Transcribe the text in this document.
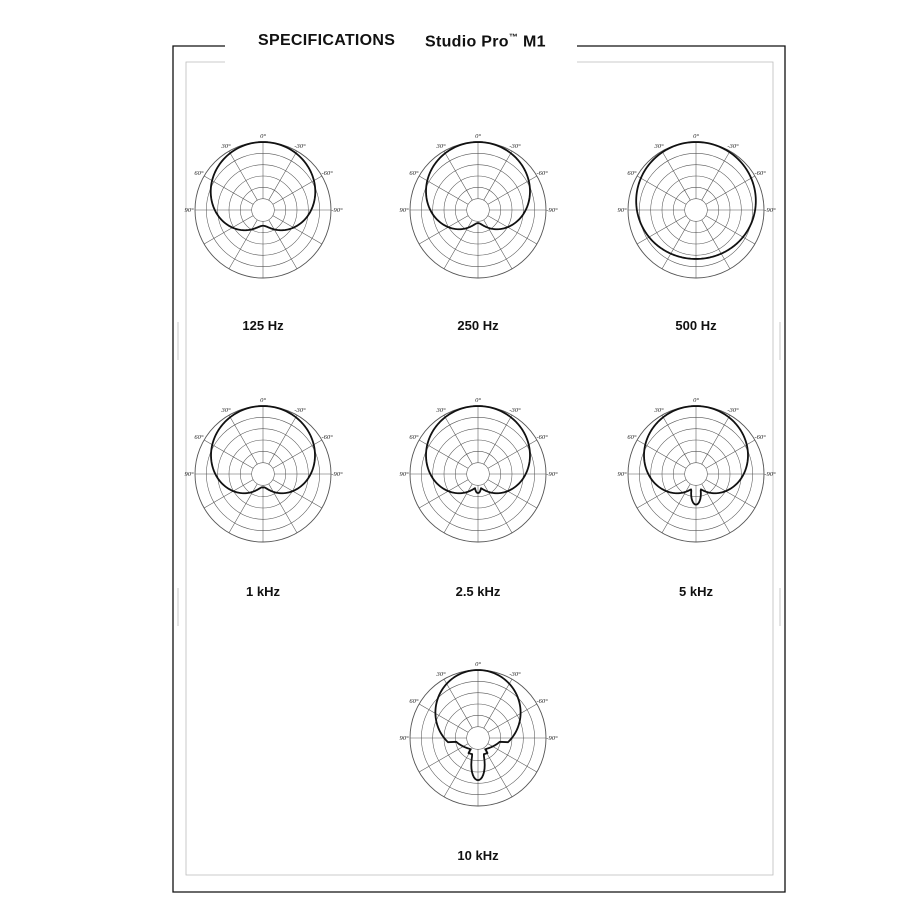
SPECIFICATIONS Studio Pro™ M1
0°
30°	-30°
60°	-60°
90°	-90°
125 Hz
0°
30°	-30°
60°	-60°
90°	-90°
250 Hz
0°
30°	-30°
60°	-60°
90°	-90°
500 Hz
0°
30°	-30°
60°	-60°
90°	-90°
1 kHz
0°
30°	-30°
60°	-60°
90°	-90°
2.5 kHz
0°
30°	-30°
60°	-60°
90°	-90°
5 kHz
0°
30°	-30°
60°	-60°
90°	-90°
10 kHz
